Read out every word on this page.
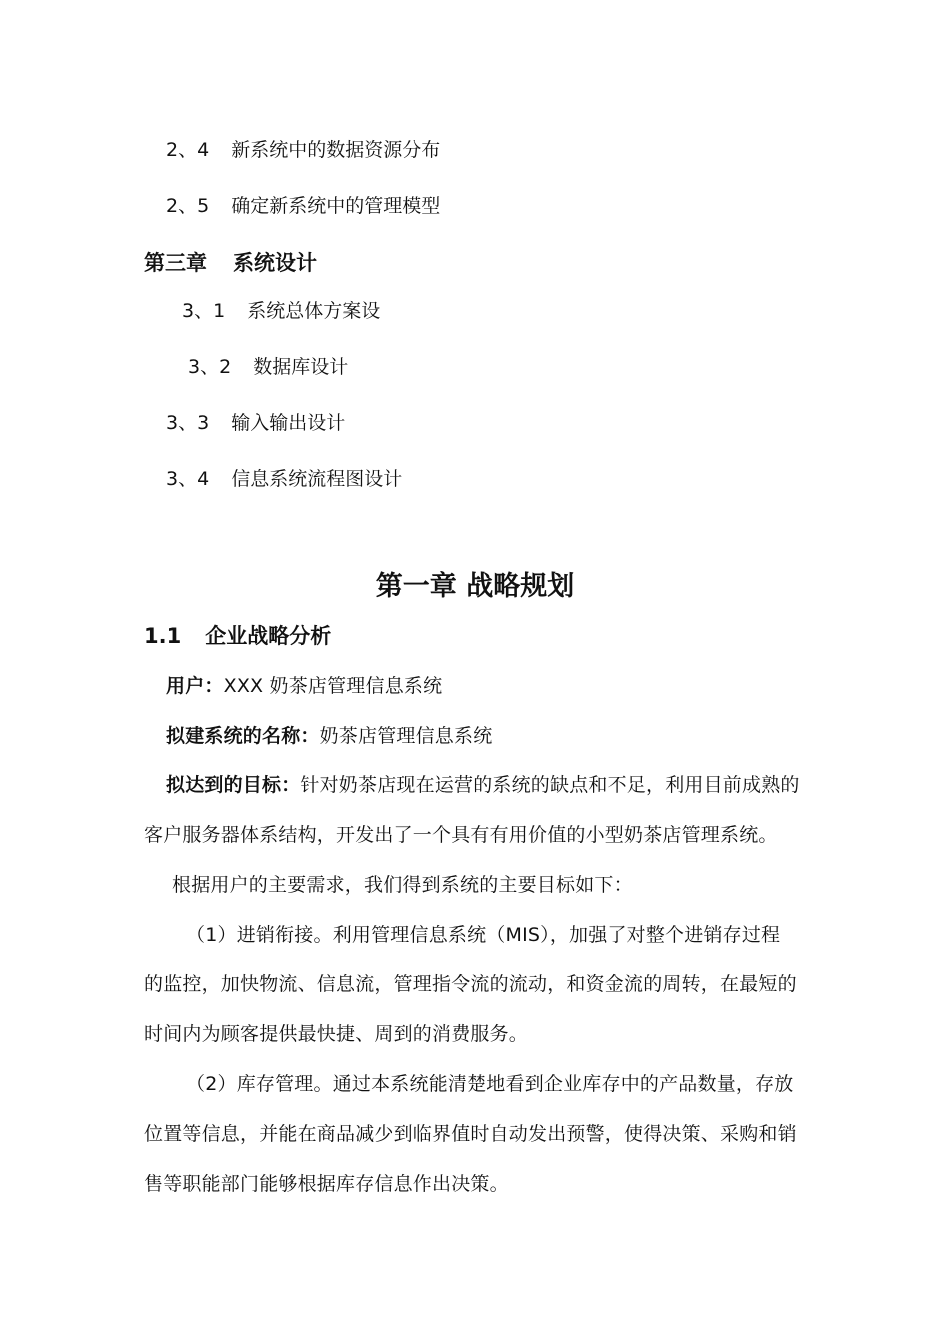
2、4 新系统中的数据资源分布
2、5 确定新系统中的管理模型
第三章 系统设计
3、1 系统总体方案设
3、2 数据库设计
3、3 输入输出设计
3、4 信息系统流程图设计
第一章 战略规划
1.1 企业战略分析
用户：XXX 奶茶店管理信息系统
拟建系统的名称：奶茶店管理信息系统
拟达到的目标：针对奶茶店现在运营的系统的缺点和不足，利用目前成熟的
客户服务器体系结构，开发出了一个具有有用价值的小型奶茶店管理系统。
根据用户的主要需求，我们得到系统的主要目标如下：
（1）进销衔接。利用管理信息系统（MIS），加强了对整个进销存过程
的监控，加快物流、信息流，管理指令流的流动，和资金流的周转，在最短的
时间内为顾客提供最快捷、周到的消费服务。
（2）库存管理。通过本系统能清楚地看到企业库存中的产品数量，存放
位置等信息，并能在商品减少到临界值时自动发出预警，使得决策、采购和销
售等职能部门能够根据库存信息作出决策。
